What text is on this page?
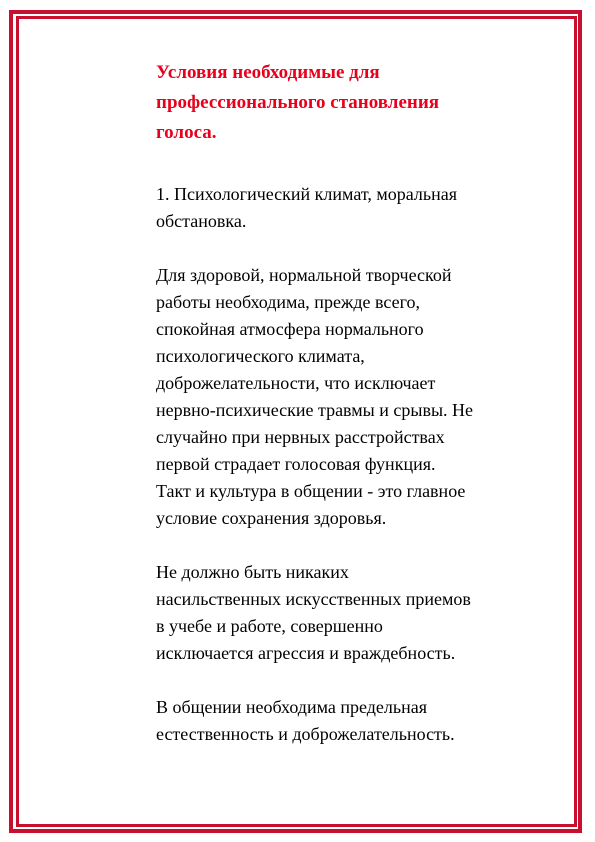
Условия необходимые для
профессионального становления
голоса.

1. Психологический климат, моральная
обстановка.

Для здоровой, нормальной творческой
работы необходима, прежде всего,
спокойная атмосфера нормального
психологического климата,
доброжелательности, что исключает
нервно-психические травмы и срывы. Не
случайно при нервных расстройствах
первой страдает голосовая функция.
Такт и культура в общении - это главное
условие сохранения здоровья.

Не должно быть никаких
насильственных искусственных приемов
в учебе и работе, совершенно
исключается агрессия и враждебность.

В общении необходима предельная
естественность и доброжелательность.
